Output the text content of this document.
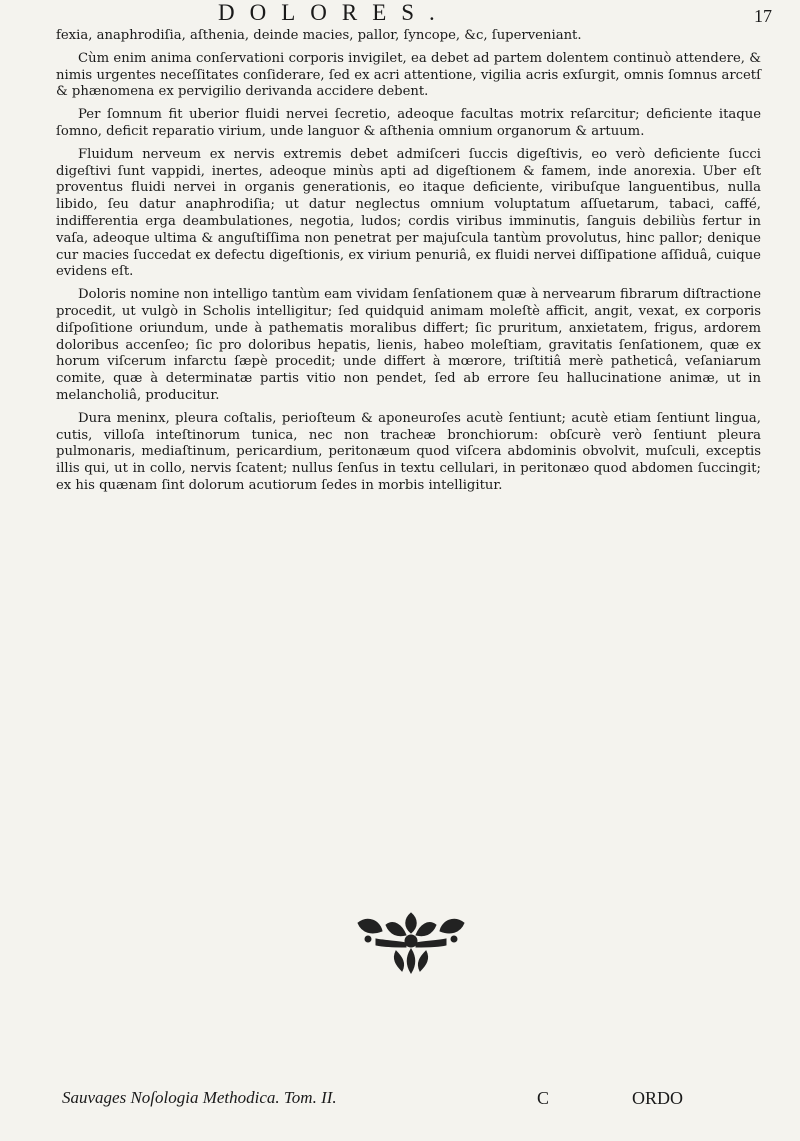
DOLORES.	17

fexia, anaphrodiſia, aſthenia, deinde macies, pallor, ſyncope, &c, ſuperveniant.

Cùm enim anima conſervationi corporis invigilet, ea debet ad partem dolentem continuò attendere, & nimis urgentes neceſſitates conſiderare, ſed ex acri attentione, vigilia acris exſurgit, omnis ſomnus arcetſ & phænomena ex pervigilio derivanda accidere debent.

Per ſomnum fit uberior fluidi nervei ſecretio, adeoque facultas motrix reſarcitur; deficiente itaque ſomno, deficit reparatio virium, unde languor & aſthenia omnium organorum & artuum.

Fluidum nerveum ex nervis extremis debet admiſceri ſuccis digeſtivis, eo verò deficiente ſucci digeſtivi ſunt vappidi, inertes, adeoque minùs apti ad digeſtionem & famem, inde anorexia. Uber eſt proventus fluidi nervei in organis generationis, eo itaque deficiente, viribuſque languentibus, nulla libido, ſeu datur anaphrodiſia; ut datur neglectus omnium voluptatum aſſuetarum, tabaci, caffé, indifferentia erga deambulationes, negotia, ludos; cordis viribus imminutis, ſanguis debiliùs fertur in vaſa, adeoque ultima & anguſtiſſima non penetrat per majuſcula tantùm provolutus, hinc pallor; denique cur macies ſuccedat ex defectu digeſtionis, ex virium penuriâ, ex fluidi nervei diſſipatione aſſiduâ, cuique evidens eſt.

Doloris nomine non intelligo tantùm eam vividam ſenſationem quæ à nervearum fibrarum diſtractione procedit, ut vulgò in Scholis intelligitur; ſed quidquid animam moleſtè afficit, angit, vexat, ex corporis diſpoſitione oriundum, unde à pathematis moralibus differt; ſic pruritum, anxietatem, frigus, ardorem doloribus accenſeo; ſic pro doloribus hepatis, lienis, habeo moleſtiam, gravitatis ſenſationem, quæ ex horum viſcerum infarctu ſæpè procedit; unde differt à mœrore, triſtitiâ merè patheticâ, veſaniarum comite, quæ à determinatæ partis vitio non pendet, ſed ab errore ſeu hallucinatione animæ, ut in melancholiâ, producitur.

Dura meninx, pleura coſtalis, perioſteum & aponeuroſes acutè ſentiunt; acutè etiam ſentiunt lingua, cutis, villoſa inteſtinorum tunica, nec non tracheæ bronchiorum: obſcurè verò ſentiunt pleura pulmonaris, mediaſtinum, pericardium, peritonæum quod viſcera abdominis obvolvit, muſculi, exceptis illis qui, ut in collo, nervis ſcatent; nullus ſenſus in textu cellulari, in peritonæo quod abdomen ſuccingit; ex his quænam ſint dolorum acutiorum ſedes in morbis intelligitur.

Sauvages Noſologia Methodica. Tom. II.	C	ORDO
